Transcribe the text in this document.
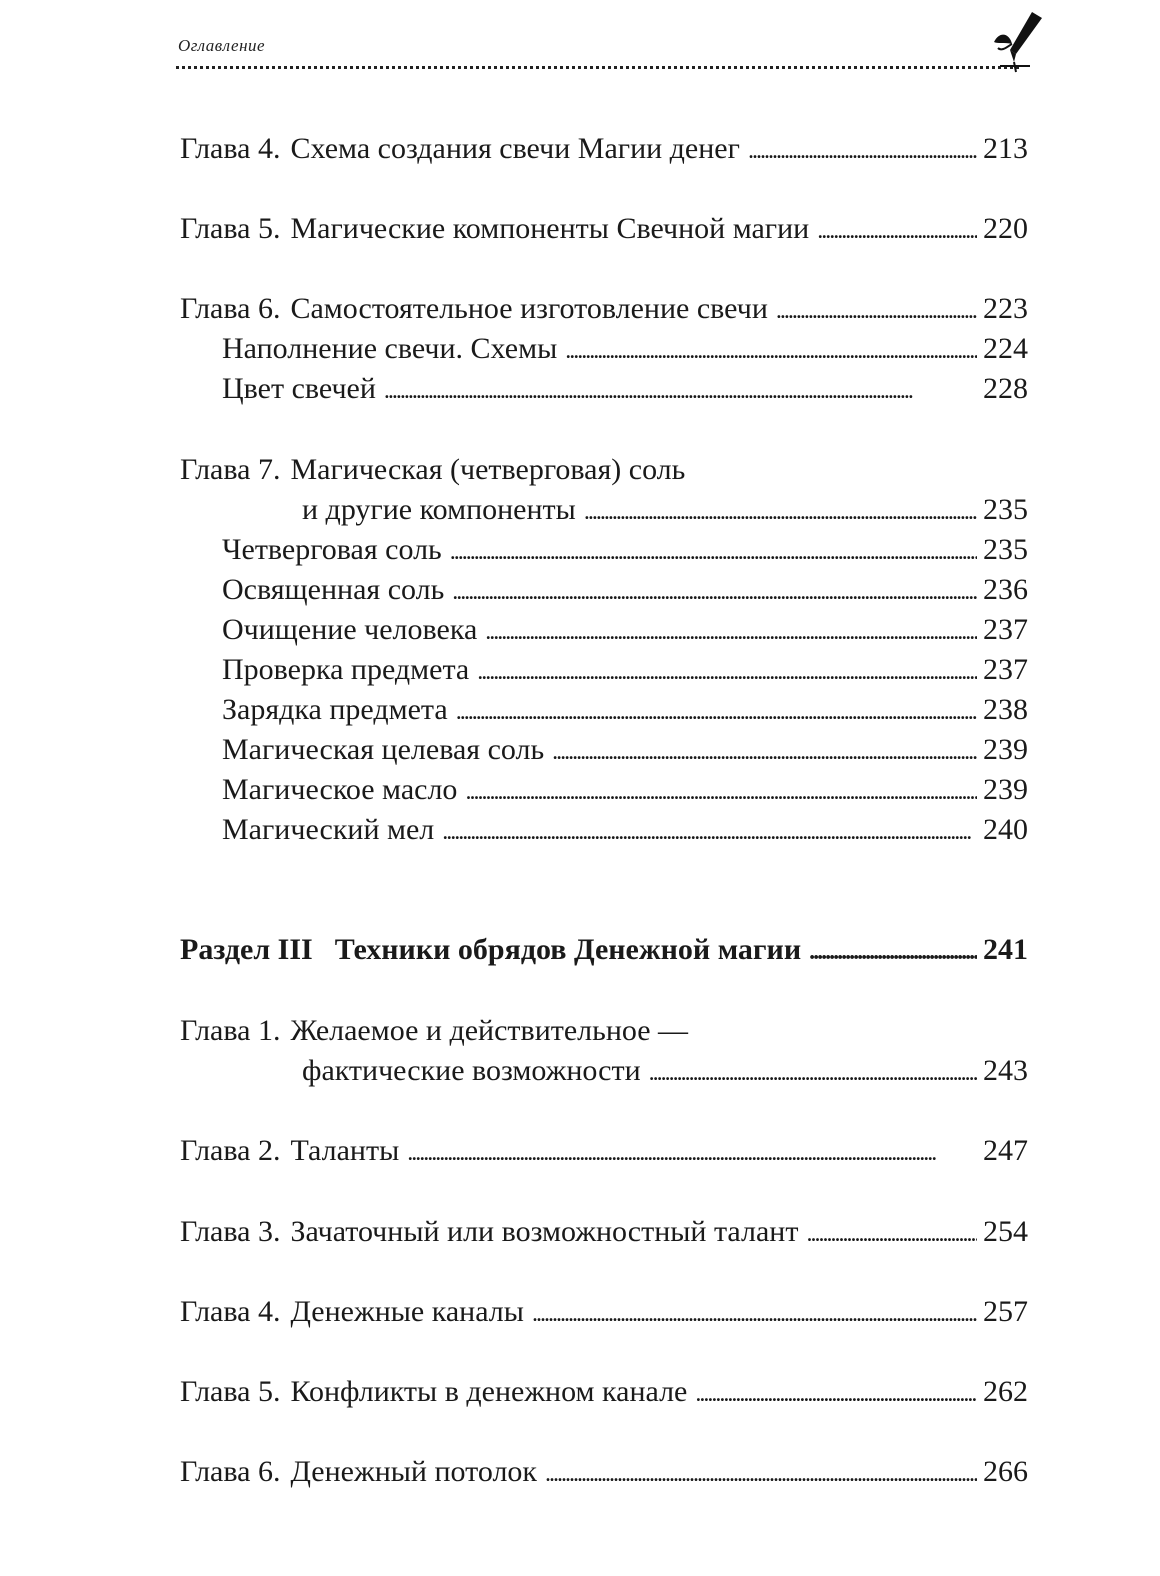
Оглавление
Глава 4. Схема создания свечи Магии денег . . .	213
Глава 5. Магические компоненты Свечной магии . . .	220
Глава 6. Самостоятельное изготовление свечи . . .	223
Наполнение свечи. Схемы . . .	224
Цвет свечей . . .	228
Глава 7. Магическая (четверговая) соль
и другие компоненты . . .	235
Четверговая соль . . .	235
Освященная соль . . .	236
Очищение человека . . .	237
Проверка предмета . . .	237
Зарядка предмета . . .	238
Магическая целевая соль . . .	239
Магическое масло . . .	239
Магический мел . . .	240
Раздел III Техники обрядов Денежной магии . . .	241
Глава 1. Желаемое и действительное —
фактические возможности . . .	243
Глава 2. Таланты . . .	247
Глава 3. Зачаточный или возможностный талант . . .	254
Глава 4. Денежные каналы . . .	257
Глава 5. Конфликты в денежном канале . . .	262
Глава 6. Денежный потолок . . .	266
